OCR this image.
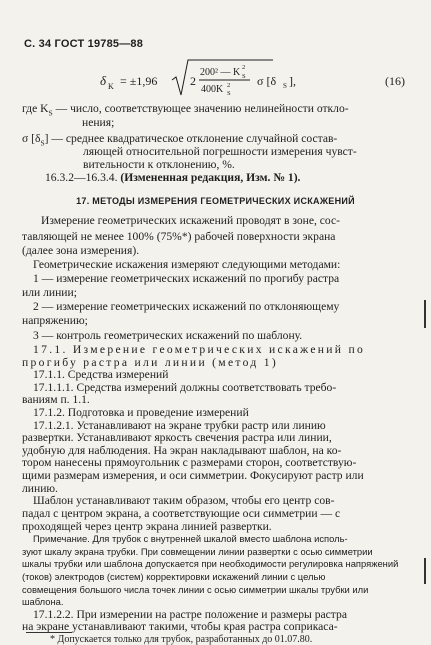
С. 34 ГОСТ 19785—88
δ K = ±1,96	2
200² — K S
2
400K S
2 σ [δ S ],	(16)
где $K_S$ — число, соответствующее значению нелинейности откло-
нения;
σ $[\delta_S]$ — среднее квадратическое отклонение случайной состав-
ляющей относительной погрешности измерения чувст-
вительности к отклонению, %.
16.3.2—16.3.4. (Измененная редакция, Изм. № 1).
17. МЕТОДЫ ИЗМЕРЕНИЯ ГЕОМЕТРИЧЕСКИХ ИСКАЖЕНИЙ
Измерение геометрических искажений проводят в зоне, сос-
тавляющей не менее 100% (75%*) рабочей поверхности экрана
(далее зона измерения).
Геометрические искажения измеряют следующими методами:
1 — измерение геометрических искажений по прогибу растра
или линии;
2 — измерение геометрических искажений по отклоняющему
напряжению;
3 — контроль геометрических искажений по шаблону.
17.1. Измерение геометрических искажений по
прогибу растра или линии (метод 1)
17.1.1. Средства измерений
17.1.1.1. Средства измерений должны соответствовать требо-
ваниям п. 1.1.
17.1.2. Подготовка и проведение измерений
17.1.2.1. Устанавливают на экране трубки растр или линию
развертки. Устанавливают яркость свечения растра или линии,
удобную для наблюдения. На экран накладывают шаблон, на ко-
тором нанесены прямоугольник с размерами сторон, соответствую-
щими размерам измерения, и оси симметрии. Фокусируют растр или
линию.
Шаблон устанавливают таким образом, чтобы его центр сов-
падал с центром экрана, а соответствующие оси симметрии — с
проходящей через центр экрана линией развертки.
Примечание. Для трубок с внутренней шкалой вместо шаблона исполь-
зуют шкалу экрана трубки. При совмещении линии развертки с осью симметрии
шкалы трубки или шаблона допускается при необходимости регулировка напряжений
(токов) электродов (систем) корректировки искажений линии с целью
совмещения большого числа точек линии с осью симметрии шкалы трубки или
шаблона.
17.1.2.2. При измерении на растре положение и размеры растра
на экране устанавливают такими, чтобы края растра соприкаса-
* Допускается только для трубок, разработанных до 01.07.80.
